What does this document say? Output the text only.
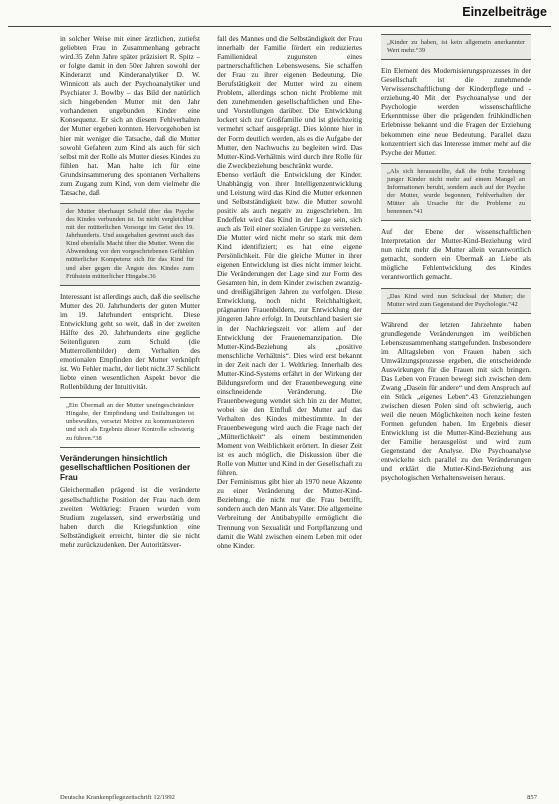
Einzelbeiträge

in solcher Weise mit einer ärztlichen, zutiefst geliebten Frau in Zusammenhang gebracht wird.35 Zehn Jahre später präzisiert R. Spitz – er folgte damit in den 50er Jahren sowohl der Kinderarzt und Kinderanalytiker D. W. Winnicott als auch der Psychoanalytiker und Psychiater J. Bowlby – das Bild der natürlich sich hingebenden Mutter mit den Jahr vorhandenen ungebunden Kinder eine Konsequenz. Er sich an diesem Fehlverhalten der Mutter ergeben konnten. Hervorgehoben ist hier mit weniger die Tatsache, daß die Mutter sowohl Gefahren zum Kind als auch für sich selbst mit der Rolle als Mutter dieses Kindes zu fühlen hat. Man halte ich für eine Grundsinsammerung des spontanen Verhaltens zum Zugang zum Kind, von dem vielmehr die Tatsache, daß

der Mutter überhaupt Schuld über das Psyche des Kindes verbunden ist. Ist nicht vergleichbar mit der mütterlichen Vorsorge im Geist des 19. Jahrhunderts. Und ausgehalten gewinnt auch das Kind ebenfalls Macht über die Mutter. Wenn die Abwendung vor den vorgeschriebenen Gefühlen mütterlicher Kompetenz sich für das Kind für und aber gegen die Ängste des Kindes zum Frühstein mütterlicher Hingabe.36

Interessant ist allerdings auch, daß die seelische Mutter des 20. Jahrhunderts der guten Mutter im 19. Jahrhundert entspricht. Diese Entwicklung geht so weit, daß in der zweiten Hälfte des 20. Jahrhunderts eine gegliche Seitenfiguren zum Schuld (die Mutterrollenbilder) dem Verhalten des emotionalen Empfinden der Mutter verknüpft ist. Wo Fehler macht, der liebt nicht.37 Schlicht liebte einen wesentlichen Aspekt bevor die Rollenbildung der Intuitivität.

„Ein Übermaß an der Mutter uneingeschränkter Hingabe, der Empfindung und Entfaltungen ist unbewußtes, versetzt Motive zu kommunizieren und sich als Ergebnis dieser Kontrolle schwierig zu führen.“38
Veränderungen hinsichtlich gesellschaftlichen Positionen der Frau

Gleichermaßen prägend ist die veränderte gesellschaftliche Position der Frau nach dem zweiten Weltkrieg: Frauen wurden vom Studium zugelassen, sind erwerbstätig und haben durch die Kriegsfunktion eine Selbständigkeit erreicht, hinter die sie nicht mehr zurückzudenken. Der Autoritätsver-

fall des Mannes und die Selbständigkeit der Frau innerhalb der Familie fördert ein reduziertes Familienideal zugunsten eines partnerschaftlichen Lebenswesens. Sie schaffen der Frau zu ihrer eigenen Bedeutung. Die Berufstätigkeit der Mutter wird zu einem Problem, allerdings schon nicht Probleme mit den zunehmenden gesellschaftlichen und Ehe- und Vorstellungen darüber. Die Entwicklung lockert sich zur Großfamilie und ist gleichzeitig vermehrt scharf ausgeprägt. Dies könnte hier in der Form deutlich werden, als es die Aufgabe der Mutter, den Nachwuchs zu begleiten wird. Das Mutter-Kind-Verhältnis wird durch ihre Rolle für die Zweckbeziehung beschränkt wurde.

Ebenso verläuft die Entwicklung der Kinder. Unabhängig von ihrer Intelligenzentwicklung und Leistung wird das Kind die Mutter erkennen und Selbstständigkeit bzw. die Mutter sowohl positiv als auch negativ zu zugeschrieben. Im Endeffekt wird das Kind in der Lage sein, sich auch als Teil einer sozialen Gruppe zu verstehen. Die Mutter wird nicht mehr so stark mit dem Kind identifiziert; es hat eine eigene Persönlichkeit. Für die gleiche Mutter in ihrer eigenen Entwicklung ist dies nicht immer leicht. Die Veränderungen der Lage sind zur Form des Gesamten hin, in dem Kinder zwischen zwanzig- und dreißigjährigen Jahren zu verfolgen. Diese Entwicklung, noch nicht Reichhaltigkeit, prägnanten Frauenbildern, zur Entwicklung der jüngeren Jahre erfolgt. In Deutschland basiert sie in der Nachkriegszeit vor allem auf der Entwicklung der Frauenemanzipation. Die Mutter-Kind-Beziehung als „positive menschliche Verhältnis“. Dies wird erst bekannt in der Zeit nach der 1. Weltkrieg. Innerhalb des Mutter-Kind-Systems erfährt in der Wirkung der Bildungsreform und der Frauenbewegung eine einschneidende Veränderung. Die Frauenbewegung wendet sich hin zu der Mutter, wobei sie den Einfluß der Mutter auf das Verhalten des Kindes mitbestimmte. In der Frauenbewegung wird auch die Frage nach der „Mütterlichkeit“ als einem bestimmenden Moment von Weiblichkeit erörtert. In dieser Zeit ist es auch möglich, die Diskussion über die Rolle von Mutter und Kind in der Gesellschaft zu führen.

Der Feminismus gibt hier ab 1970 neue Akzente zu einer Veränderung der Mutter-Kind-Beziehung, die nicht nur die Frau betrifft, sondern auch den Mann als Vater. Die allgemeine Verbreitung der Antibabypille ermöglicht die Trennung von Sexualität und Fortpflanzung und damit die Wahl zwischen einem Leben mit oder ohne Kinder.

„Kinder zu haben, ist kein allgemein anerkannter Wert mehr.“39

Ein Element des Modernisierungsprozesses in der Gesellschaft ist die zunehmende Verwissenschaftlichung der Kinderpflege und -erziehung.40 Mit der Psychoanalyse und der Psychologie werden wissenschaftliche Erkenntnisse über die prägenden frühkindlichen Erlebnisse bekannt und die Fragen der Erziehung bekommen eine neue Bedeutung. Parallel dazu konzentriert sich das Interesse immer mehr auf die Psyche der Mutter.

„Als sich herausstellte, daß die frühe Erziehung junger Kinder nicht mehr auf einem Mangel an Informationen beruht, sondern auch auf der Psyche der Mutter, wurde begonnen, Fehlverhalten der Mütter als Ursache für die Probleme zu benennen.“41

Auf der Ebene der wissenschaftlichen Interpretation der Mutter-Kind-Beziehung wird nun nicht mehr die Mutter allein verantwortlich gemacht, sondern ein Übermaß an Liebe als mögliche Fehlentwicklung des Kindes verantwortlich gemacht.

„Das Kind wird nun Schicksal der Mutter; die Mutter wird zum Gegenstand der Psychologie.“42

Während der letzten Jahrzehnte haben grundlegende Veränderungen im weiblichen Lebenszusammenhang stattgefunden. Insbesondere im Alltagsleben von Frauen haben sich Umwälzungsprozesse ergeben, die entscheidende Auswirkungen für die Frauen mit sich bringen. Das Leben von Frauen bewegt sich zwischen dem Zwang „Dasein für andere“ und dem Anspruch auf ein Stück „eigenes Leben“.43 Grenzziehungen zwischen diesen Polen sind oft schwierig, auch weil die neuen Möglichkeiten noch keine festen Formen gefunden haben. Im Ergebnis dieser Entwicklung ist die Mutter-Kind-Beziehung aus der Familie herausgelöst und wird zum Gegenstand der Analyse. Die Psychoanalyse entwickelte sich parallel zu den Veränderungen und erklärt die Mutter-Kind-Beziehung aus psychologischen Verhaltensweisen heraus.

Deutsche Krankenpflegezeitschrift 12/1992	857
